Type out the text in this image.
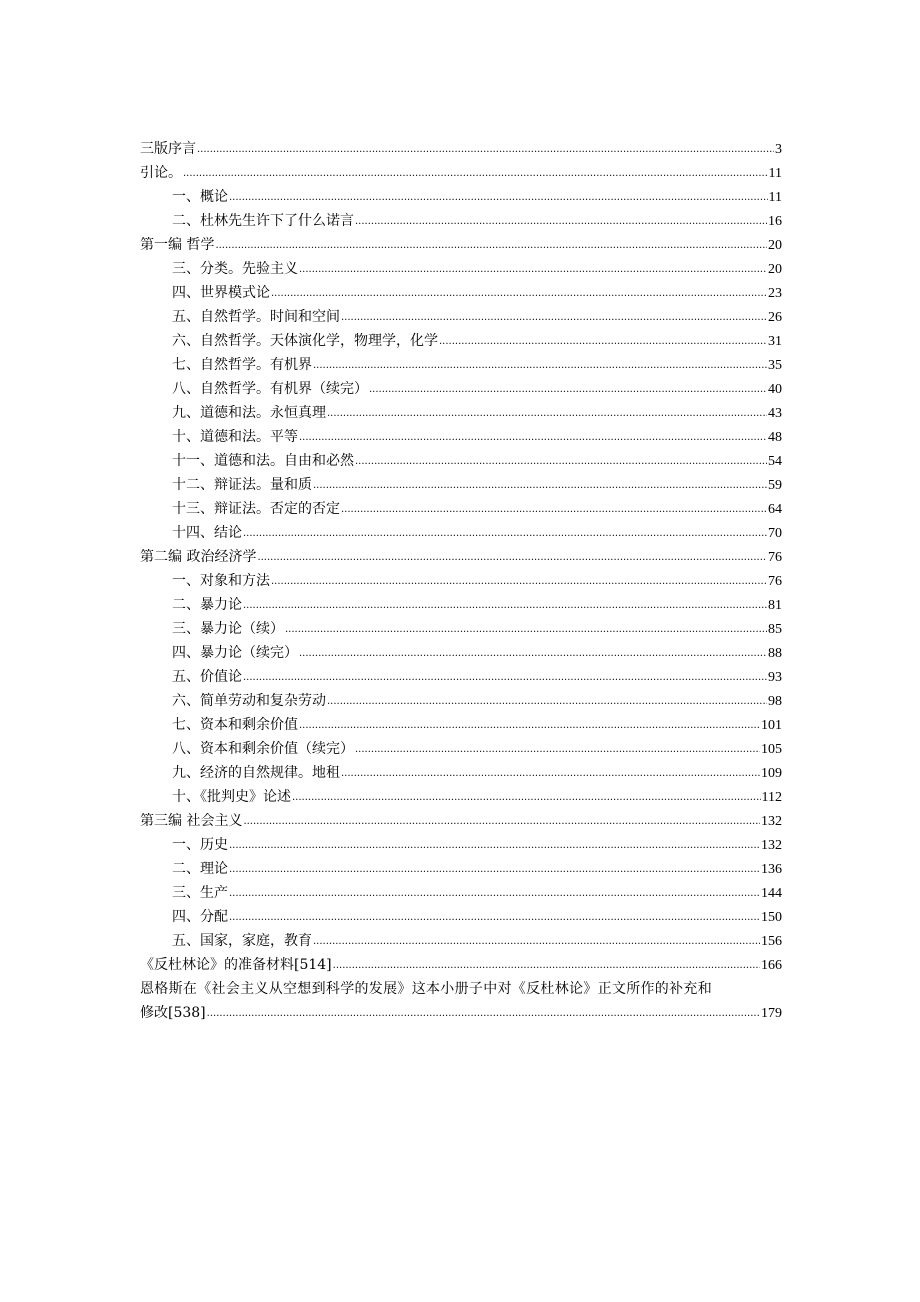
三版序言 .....	3
引论。 .....	11
一、概论 .....	11
二、杜林先生许下了什么诺言 .....	16
第一编 哲学 .....	20
三、分类。先验主义 .....	20
四、世界模式论 .....	23
五、自然哲学。时间和空间 .....	26
六、自然哲学。天体演化学，物理学，化学 .....	31
七、自然哲学。有机界 .....	35
八、自然哲学。有机界（续完） .....	40
九、道德和法。永恒真理 .....	43
十、道德和法。平等 .....	48
十一、道德和法。自由和必然 .....	54
十二、辩证法。量和质 .....	59
十三、辩证法。否定的否定 .....	64
十四、结论 .....	70
第二编 政治经济学 .....	76
一、对象和方法 .....	76
二、暴力论 .....	81
三、暴力论（续） .....	85
四、暴力论（续完） .....	88
五、价值论 .....	93
六、简单劳动和复杂劳动 .....	98
七、资本和剩余价值 .....	101
八、资本和剩余价值（续完） .....	105
九、经济的自然规律。地租 .....	109
十、《批判史》论述 .....	112
第三编 社会主义 .....	132
一、历史 .....	132
二、理论 .....	136
三、生产 .....	144
四、分配 .....	150
五、国家，家庭，教育 .....	156
《反杜林论》的准备材料[514] .....	166
恩格斯在《社会主义从空想到科学的发展》这本小册子中对《反杜林论》正文所作的补充和
修改[538] .....	179
